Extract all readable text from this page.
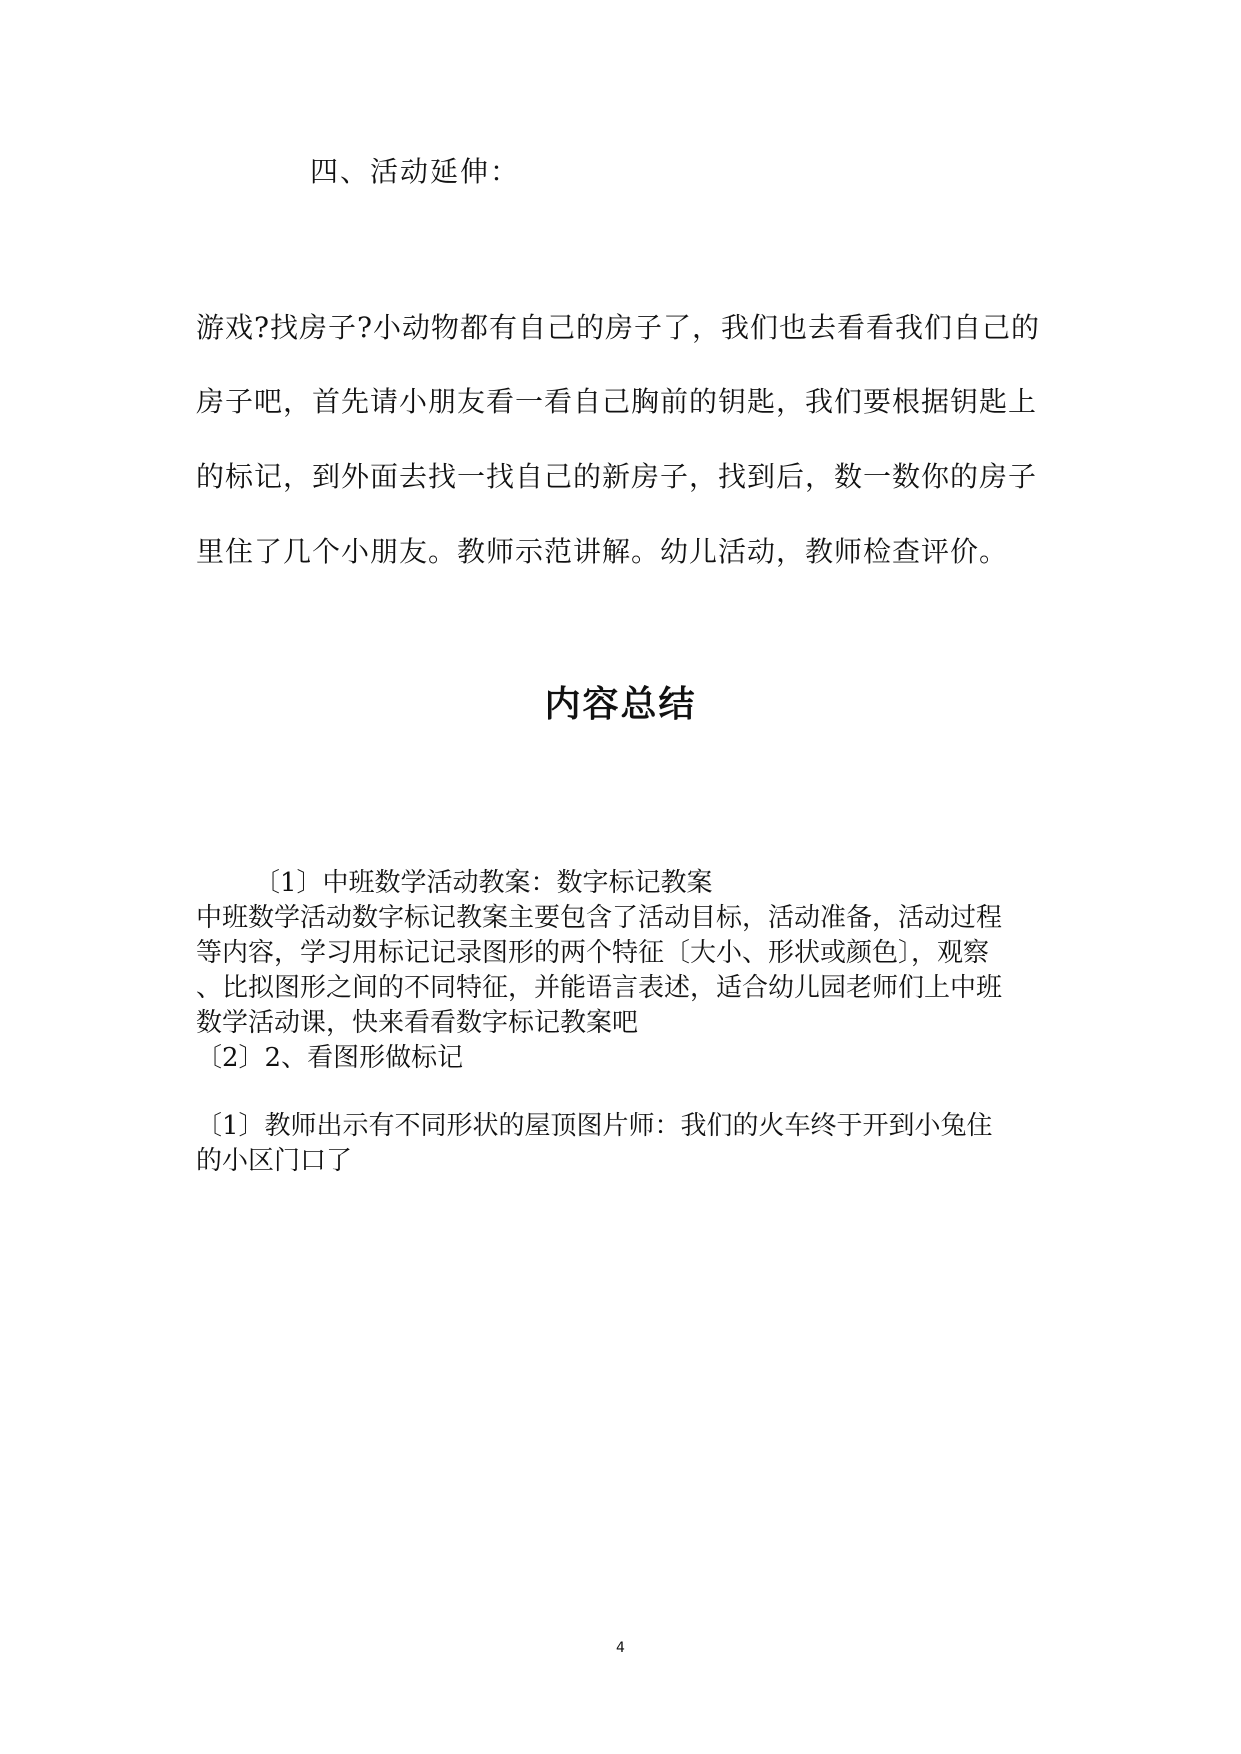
四、活动延伸：
游戏?找房子?小动物都有自己的房子了，我们也去看看我们自己的
房子吧，首先请小朋友看一看自己胸前的钥匙，我们要根据钥匙上
的标记，到外面去找一找自己的新房子，找到后，数一数你的房子
里住了几个小朋友。教师示范讲解。幼儿活动，教师检查评价。
内容总结
〔1〕中班数学活动教案：数字标记教案
中班数学活动数字标记教案主要包含了活动目标，活动准备，活动过程
等内容，学习用标记记录图形的两个特征〔大小、形状或颜色〕，观察
、比拟图形之间的不同特征，并能语言表述，适合幼儿园老师们上中班
数学活动课，快来看看数字标记教案吧
〔2〕2、看图形做标记
〔1〕教师出示有不同形状的屋顶图片师：我们的火车终于开到小兔住
的小区门口了
4
